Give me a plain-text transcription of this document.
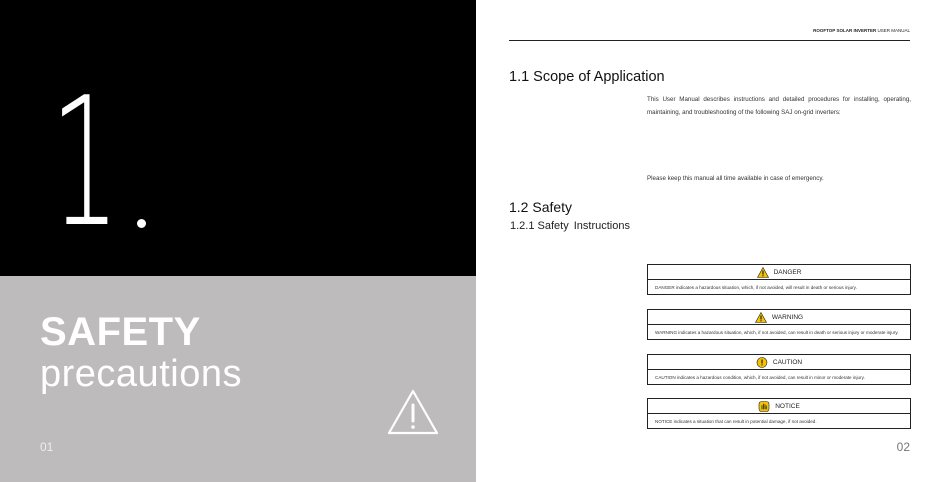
1
SAFETY
precautions
01
ROOFTOP SOLAR INVERTER USER MANUAL
1.1 Scope of Application
This User Manual describes instructions and detailed procedures for installing, operating, maintaining, and troubleshooting of the following SAJ on-grid inverters:
Please keep this manual all time available in case of emergency.
1.2 Safety
1.2.1 Safety Instructions
DANGER
DANGER indicates a hazardous situation, which, if not avoided, will result in death or serious injury.
WARNING
WARNING indicates a hazardous situation, which, if not avoided, can result in death or serious injury or moderate injury.
CAUTION
CAUTION indicates a hazardous condition, which, if not avoided, can result in minor or moderate injury.
NOTICE
NOTICE indicates a situation that can result in potential damage, if not avoided.
02
